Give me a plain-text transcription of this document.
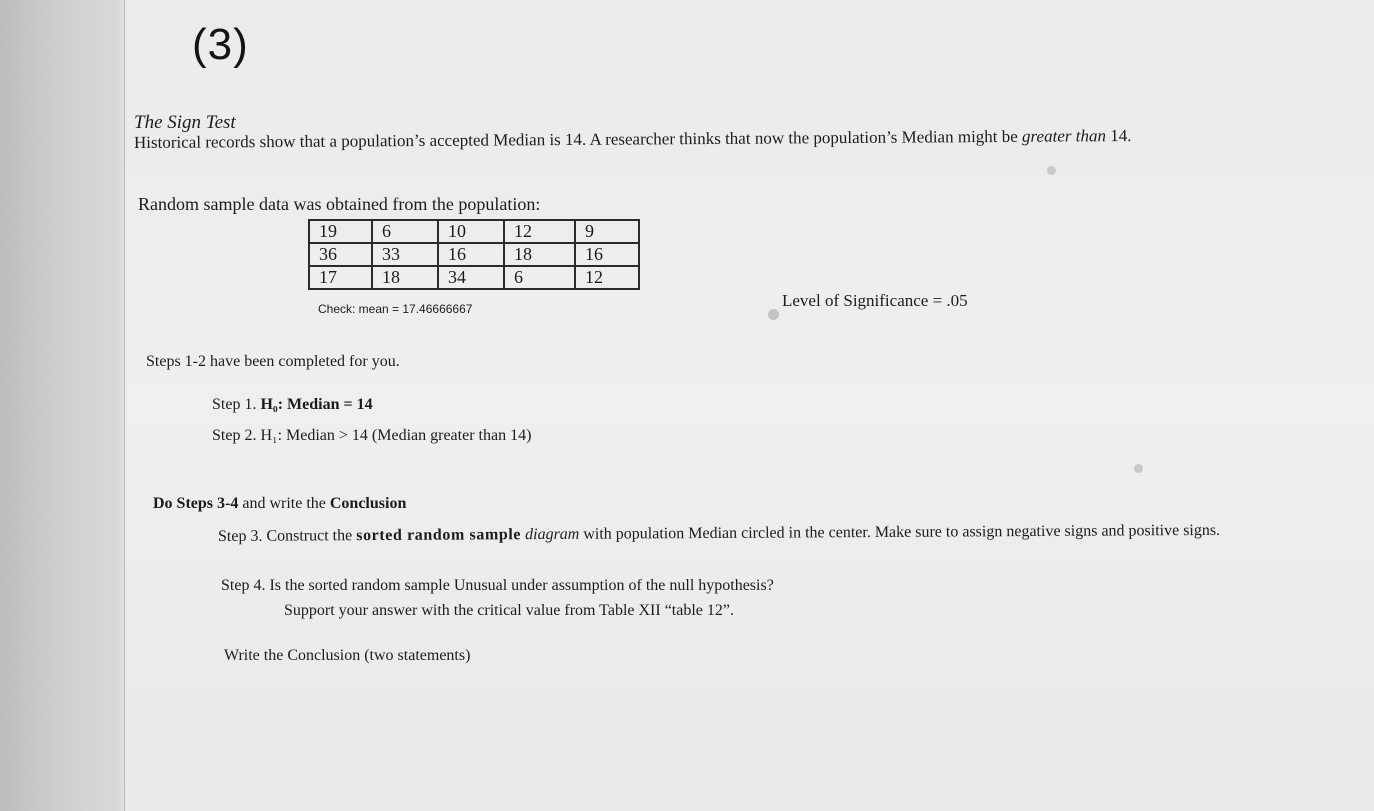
(3)
The Sign Test
Historical records show that a population’s accepted Median is 14. A researcher thinks that now the population’s Median might be greater than 14.
Random sample data was obtained from the population:
19	6	10	12	9
36	33	16	18	16
17	18	34	6	12
Check: mean = 17.46666667	Level of Significance = .05
Steps 1-2 have been completed for you.
Step 1. H₀: Median = 14
Step 2. H₁: Median > 14 (Median greater than 14)
Do Steps 3-4 and write the Conclusion
Step 3. Construct the sorted random sample diagram with population Median circled in the center. Make sure to assign negative signs and positive signs.
Step 4. Is the sorted random sample Unusual under assumption of the null hypothesis?
Support your answer with the critical value from Table XII “table 12”.
Write the Conclusion (two statements)
